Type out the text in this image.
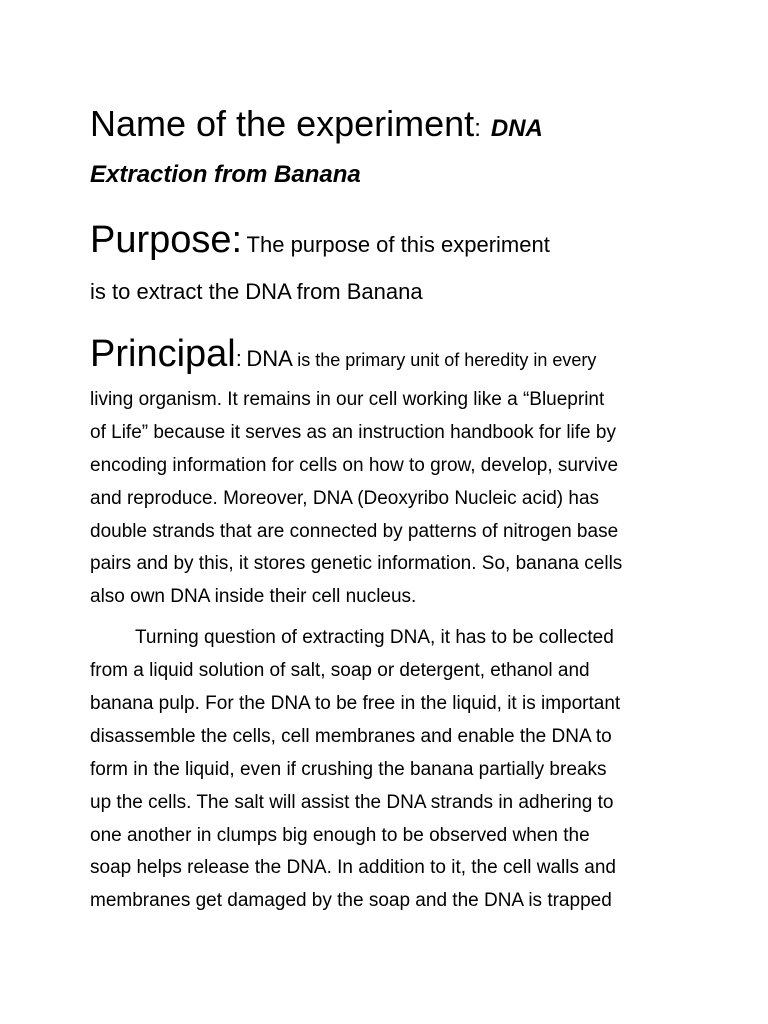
Name of the experiment: DNA
Extraction from Banana
Purpose: The purpose of this experiment
is to extract the DNA from Banana
Principal: DNA is the primary unit of heredity in every
living organism. It remains in our cell working like a “Blueprint
of Life” because it serves as an instruction handbook for life by
encoding information for cells on how to grow, develop, survive
and reproduce. Moreover, DNA (Deoxyribo Nucleic acid) has
double strands that are connected by patterns of nitrogen base
pairs and by this, it stores genetic information. So, banana cells
also own DNA inside their cell nucleus.
Turning question of extracting DNA, it has to be collected
from a liquid solution of salt, soap or detergent, ethanol and
banana pulp. For the DNA to be free in the liquid, it is important
disassemble the cells, cell membranes and enable the DNA to
form in the liquid, even if crushing the banana partially breaks
up the cells. The salt will assist the DNA strands in adhering to
one another in clumps big enough to be observed when the
soap helps release the DNA. In addition to it, the cell walls and
membranes get damaged by the soap and the DNA is trapped
